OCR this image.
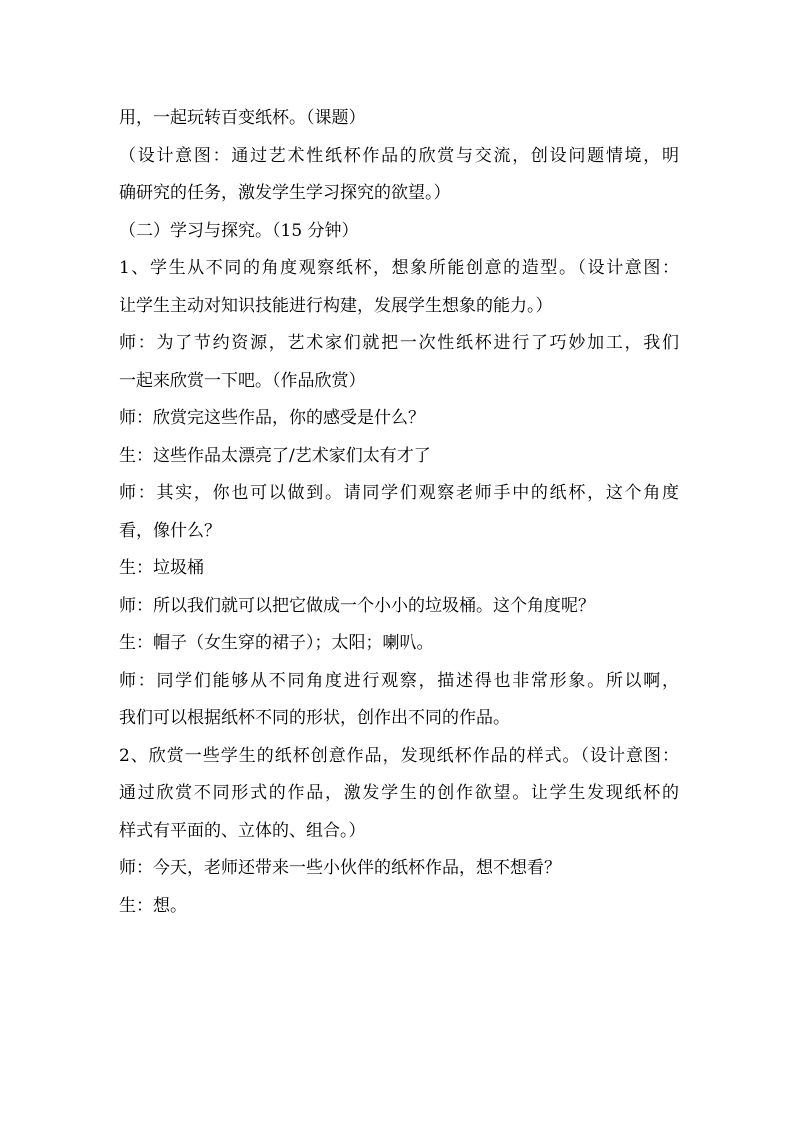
用，一起玩转百变纸杯。（课题）
（设计意图：通过艺术性纸杯作品的欣赏与交流，创设问题情境，明
确研究的任务，激发学生学习探究的欲望。）
（二）学习与探究。（15 分钟）
1、学生从不同的角度观察纸杯，想象所能创意的造型。（设计意图：
让学生主动对知识技能进行构建，发展学生想象的能力。）
师：为了节约资源，艺术家们就把一次性纸杯进行了巧妙加工，我们
一起来欣赏一下吧。（作品欣赏）
师：欣赏完这些作品，你的感受是什么？
生：这些作品太漂亮了/艺术家们太有才了
师：其实，你也可以做到。请同学们观察老师手中的纸杯，这个角度
看，像什么？
生：垃圾桶
师：所以我们就可以把它做成一个小小的垃圾桶。这个角度呢？
生：帽子（女生穿的裙子）；太阳；喇叭。
师：同学们能够从不同角度进行观察，描述得也非常形象。所以啊，
我们可以根据纸杯不同的形状，创作出不同的作品。
2、欣赏一些学生的纸杯创意作品，发现纸杯作品的样式。（设计意图：
通过欣赏不同形式的作品，激发学生的创作欲望。让学生发现纸杯的
样式有平面的、立体的、组合。）
师：今天，老师还带来一些小伙伴的纸杯作品，想不想看？
生：想。
